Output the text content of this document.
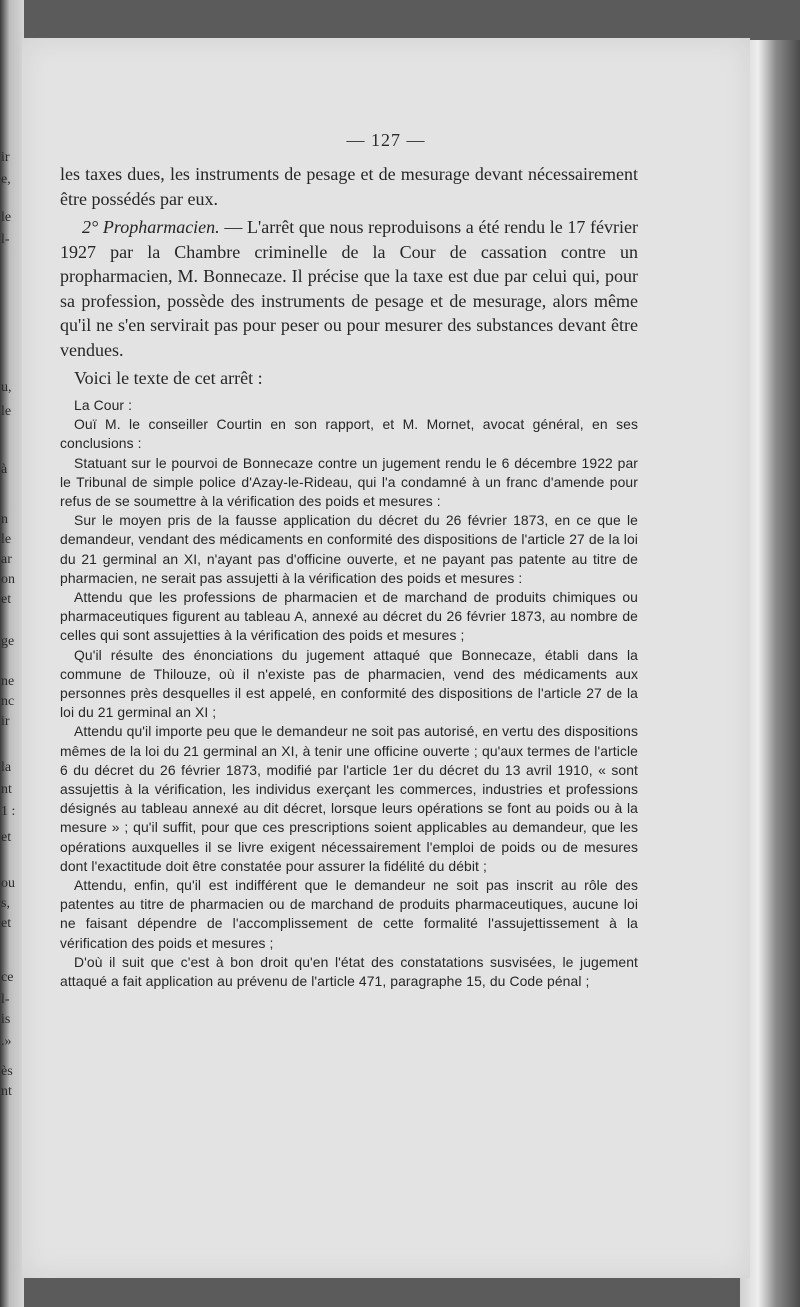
ir
e,
le
l-
u,
le
à
n
le
ar
on
et
ge
ne
nc
ir
la
nt
1 :
et
ou
s,
et
ce
l-
is
.»
ès
nt
— 127 —

les taxes dues, les instruments de pesage et de mesurage devant nécessairement être possédés par eux.

2° Propharmacien. — L'arrêt que nous reproduisons a été rendu le 17 février 1927 par la Chambre criminelle de la Cour de cassation contre un propharmacien, M. Bonnecaze. Il précise que la taxe est due par celui qui, pour sa profession, possède des instruments de pesage et de mesurage, alors même qu'il ne s'en servirait pas pour peser ou pour mesurer des substances devant être vendues.

Voici le texte de cet arrêt :

La Cour :

Ouï M. le conseiller Courtin en son rapport, et M. Mornet, avocat général, en ses conclusions :

Statuant sur le pourvoi de Bonnecaze contre un jugement rendu le 6 décembre 1922 par le Tribunal de simple police d'Azay-le-Rideau, qui l'a condamné à un franc d'amende pour refus de se soumettre à la vérification des poids et mesures :

Sur le moyen pris de la fausse application du décret du 26 février 1873, en ce que le demandeur, vendant des médicaments en conformité des dispositions de l'article 27 de la loi du 21 germinal an XI, n'ayant pas d'officine ouverte, et ne payant pas patente au titre de pharmacien, ne serait pas assujetti à la vérification des poids et mesures :

Attendu que les professions de pharmacien et de marchand de produits chimiques ou pharmaceutiques figurent au tableau A, annexé au décret du 26 février 1873, au nombre de celles qui sont assujetties à la vérification des poids et mesures ;

Qu'il résulte des énonciations du jugement attaqué que Bonnecaze, établi dans la commune de Thilouze, où il n'existe pas de pharmacien, vend des médicaments aux personnes près desquelles il est appelé, en conformité des dispositions de l'article 27 de la loi du 21 germinal an XI ;

Attendu qu'il importe peu que le demandeur ne soit pas autorisé, en vertu des dispositions mêmes de la loi du 21 germinal an XI, à tenir une officine ouverte ; qu'aux termes de l'article 6 du décret du 26 février 1873, modifié par l'article 1er du décret du 13 avril 1910, « sont assujettis à la vérification, les individus exerçant les commerces, industries et professions désignés au tableau annexé au dit décret, lorsque leurs opérations se font au poids ou à la mesure » ; qu'il suffit, pour que ces prescriptions soient applicables au demandeur, que les opérations auxquelles il se livre exigent nécessairement l'emploi de poids ou de mesures dont l'exactitude doit être constatée pour assurer la fidélité du débit ;

Attendu, enfin, qu'il est indifférent que le demandeur ne soit pas inscrit au rôle des patentes au titre de pharmacien ou de marchand de produits pharmaceutiques, aucune loi ne faisant dépendre de l'accomplissement de cette formalité l'assujettissement à la vérification des poids et mesures ;

D'où il suit que c'est à bon droit qu'en l'état des constatations susvisées, le jugement attaqué a fait application au prévenu de l'article 471, paragraphe 15, du Code pénal ;
